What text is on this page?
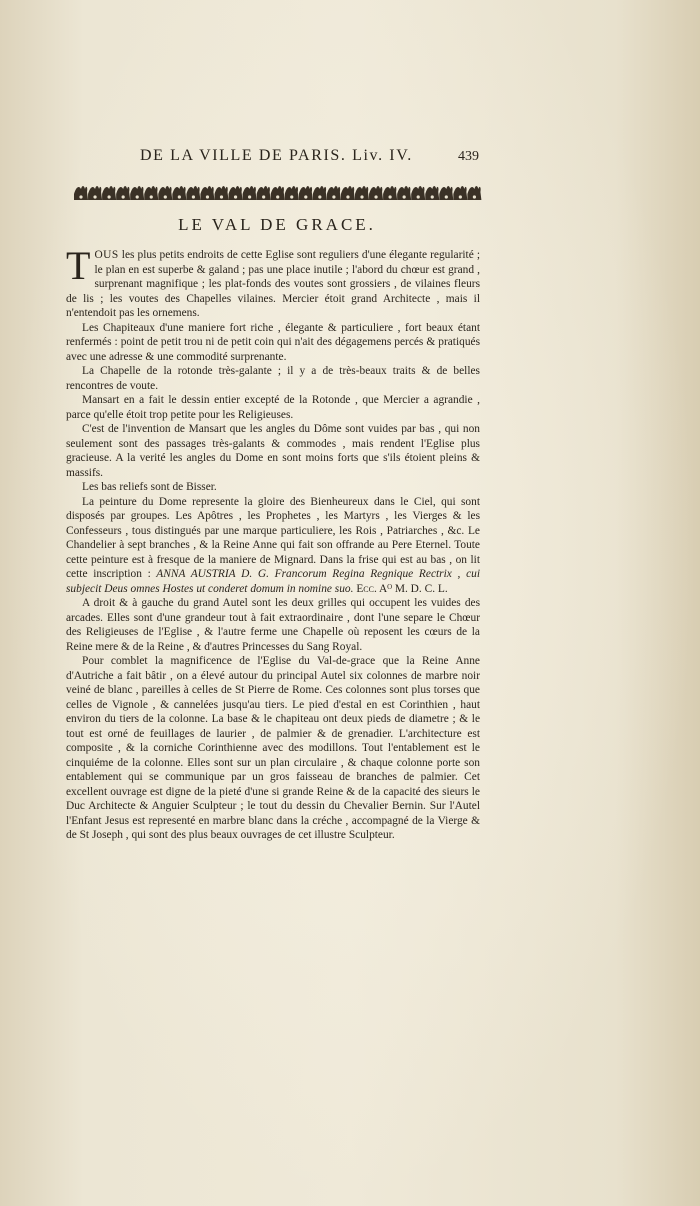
DE LA VILLE DE PARIS. Liv. IV.	439
LE VAL DE GRACE.

TOUS les plus petits endroits de cette Eglise sont reguliers d'une élegante regularité ; le plan en est superbe & galand ; pas une place inutile ; l'abord du chœur est grand , surprenant magnifique ; les plat-fonds des voutes sont grossiers , de vilaines fleurs de lis ; les voutes des Chapelles vilaines. Mercier étoit grand Architecte , mais il n'entendoit pas les ornemens.

Les Chapiteaux d'une maniere fort riche , élegante & particuliere , fort beaux étant renfermés : point de petit trou ni de petit coin qui n'ait des dégagemens percés & pratiqués avec une adresse & une commodité surprenante.

La Chapelle de la rotonde très-galante ; il y a de très-beaux traits & de belles rencontres de voute.

Mansart en a fait le dessin entier excepté de la Rotonde , que Mercier a agrandie , parce qu'elle étoit trop petite pour les Religieuses.

C'est de l'invention de Mansart que les angles du Dôme sont vuides par bas , qui non seulement sont des passages très-galants & commodes , mais rendent l'Eglise plus gracieuse. A la verité les angles du Dome en sont moins forts que s'ils étoient pleins & massifs.

Les bas reliefs sont de Bisser.

La peinture du Dome represente la gloire des Bienheureux dans le Ciel, qui sont disposés par groupes. Les Apôtres , les Prophetes , les Martyrs , les Vierges & les Confesseurs , tous distingués par une marque particuliere, les Rois , Patriarches , &c. Le Chandelier à sept branches , & la Reine Anne qui fait son offrande au Pere Eternel. Toute cette peinture est à fresque de la maniere de Mignard. Dans la frise qui est au bas , on lit cette inscription : ANNA AUSTRIA D. G. Francorum Regina Regnique Rectrix , cui subjecit Deus omnes Hostes ut conderet domum in nomine suo. Ecc. Aᴼ M. D. C. L.

A droit & à gauche du grand Autel sont les deux grilles qui occupent les vuides des arcades. Elles sont d'une grandeur tout à fait extraordinaire , dont l'une separe le Chœur des Religieuses de l'Eglise , & l'autre ferme une Chapelle où reposent les cœurs de la Reine mere & de la Reine , & d'autres Princesses du Sang Royal.

Pour comblet la magnificence de l'Eglise du Val-de-grace que la Reine Anne d'Autriche a fait bâtir , on a élevé autour du principal Autel six colonnes de marbre noir veiné de blanc , pareilles à celles de St Pierre de Rome. Ces colonnes sont plus torses que celles de Vignole , & cannelées jusqu'au tiers. Le pied d'estal en est Corinthien , haut environ du tiers de la colonne. La base & le chapiteau ont deux pieds de diametre ; & le tout est orné de feuillages de laurier , de palmier & de grenadier. L'architecture est composite , & la corniche Corinthienne avec des modillons. Tout l'entablement est le cinquiéme de la colonne. Elles sont sur un plan circulaire , & chaque colonne porte son entablement qui se communique par un gros faisseau de branches de palmier. Cet excellent ouvrage est digne de la pieté d'une si grande Reine & de la capacité des sieurs le Duc Architecte & Anguier Sculpteur ; le tout du dessin du Chevalier Bernin. Sur l'Autel l'Enfant Jesus est representé en marbre blanc dans la créche , accompagné de la Vierge & de St Joseph , qui sont des plus beaux ouvrages de cet illustre Sculpteur.
